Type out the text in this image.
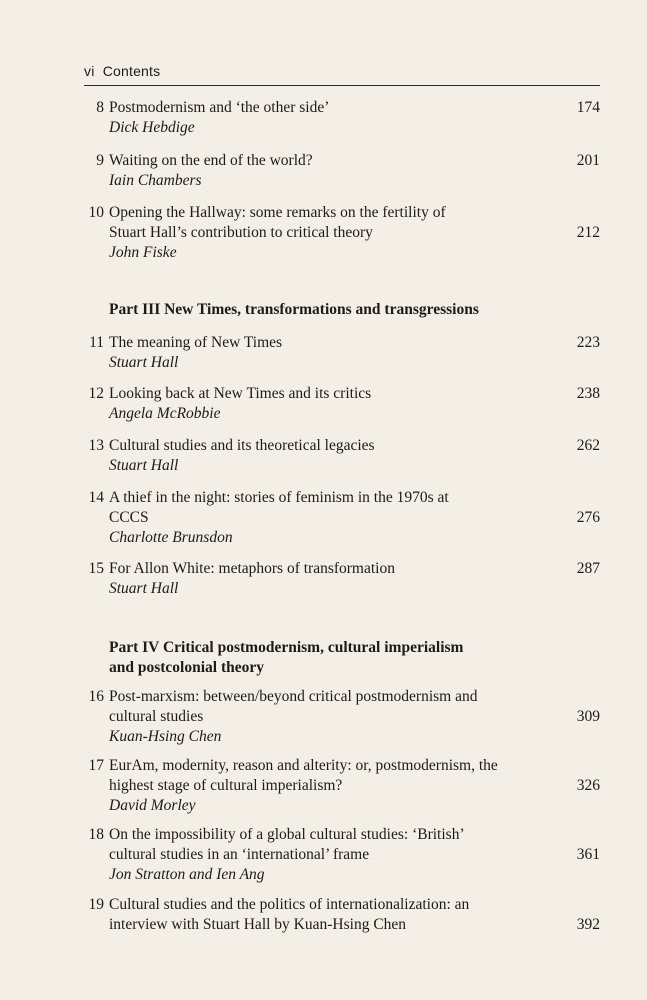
vi Contents
8 Postmodernism and ‘the other side’
Dick Hebdige
174
9 Waiting on the end of the world?
Iain Chambers
201
10 Opening the Hallway: some remarks on the fertility of
Stuart Hall’s contribution to critical theory
John Fiske
212
Part III New Times, transformations and transgressions
11 The meaning of New Times
Stuart Hall
223
12 Looking back at New Times and its critics
Angela McRobbie
238
13 Cultural studies and its theoretical legacies
Stuart Hall
262
14 A thief in the night: stories of feminism in the 1970s at
CCCS
Charlotte Brunsdon
276
15 For Allon White: metaphors of transformation
Stuart Hall
287
Part IV Critical postmodernism, cultural imperialism
and postcolonial theory
16 Post-marxism: between/beyond critical postmodernism and
cultural studies
Kuan-Hsing Chen
309
17 EurAm, modernity, reason and alterity: or, postmodernism, the
highest stage of cultural imperialism?
David Morley
326
18 On the impossibility of a global cultural studies: ‘British’
cultural studies in an ‘international’ frame
Jon Stratton and Ien Ang
361
19 Cultural studies and the politics of internationalization: an
interview with Stuart Hall by Kuan-Hsing Chen	392
